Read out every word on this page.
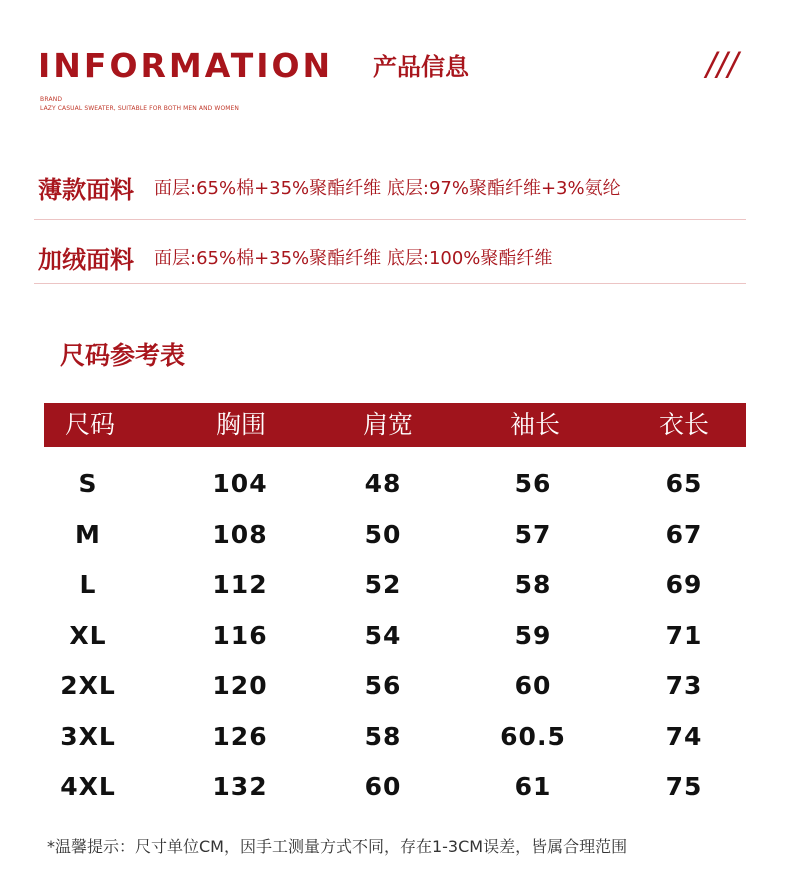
INFORMATION 产品信息	///
BRAND
LAZY CASUAL SWEATER, SUITABLE FOR BOTH MEN AND WOMEN
薄款面料 面层:65%棉+35%聚酯纤维 底层:97%聚酯纤维+3%氨纶
加绒面料 面层:65%棉+35%聚酯纤维 底层:100%聚酯纤维
尺码参考表
尺码	胸围	肩宽	袖长	衣长
S	104	48	56	65
M	108	50	57	67
L	112	52	58	69
XL	116	54	59	71
2XL	120	56	60	73
3XL	126	58	60.5	74
4XL	132	60	61	75
*温馨提示：尺寸单位CM，因手工测量方式不同，存在1-3CM误差，皆属合理范围
